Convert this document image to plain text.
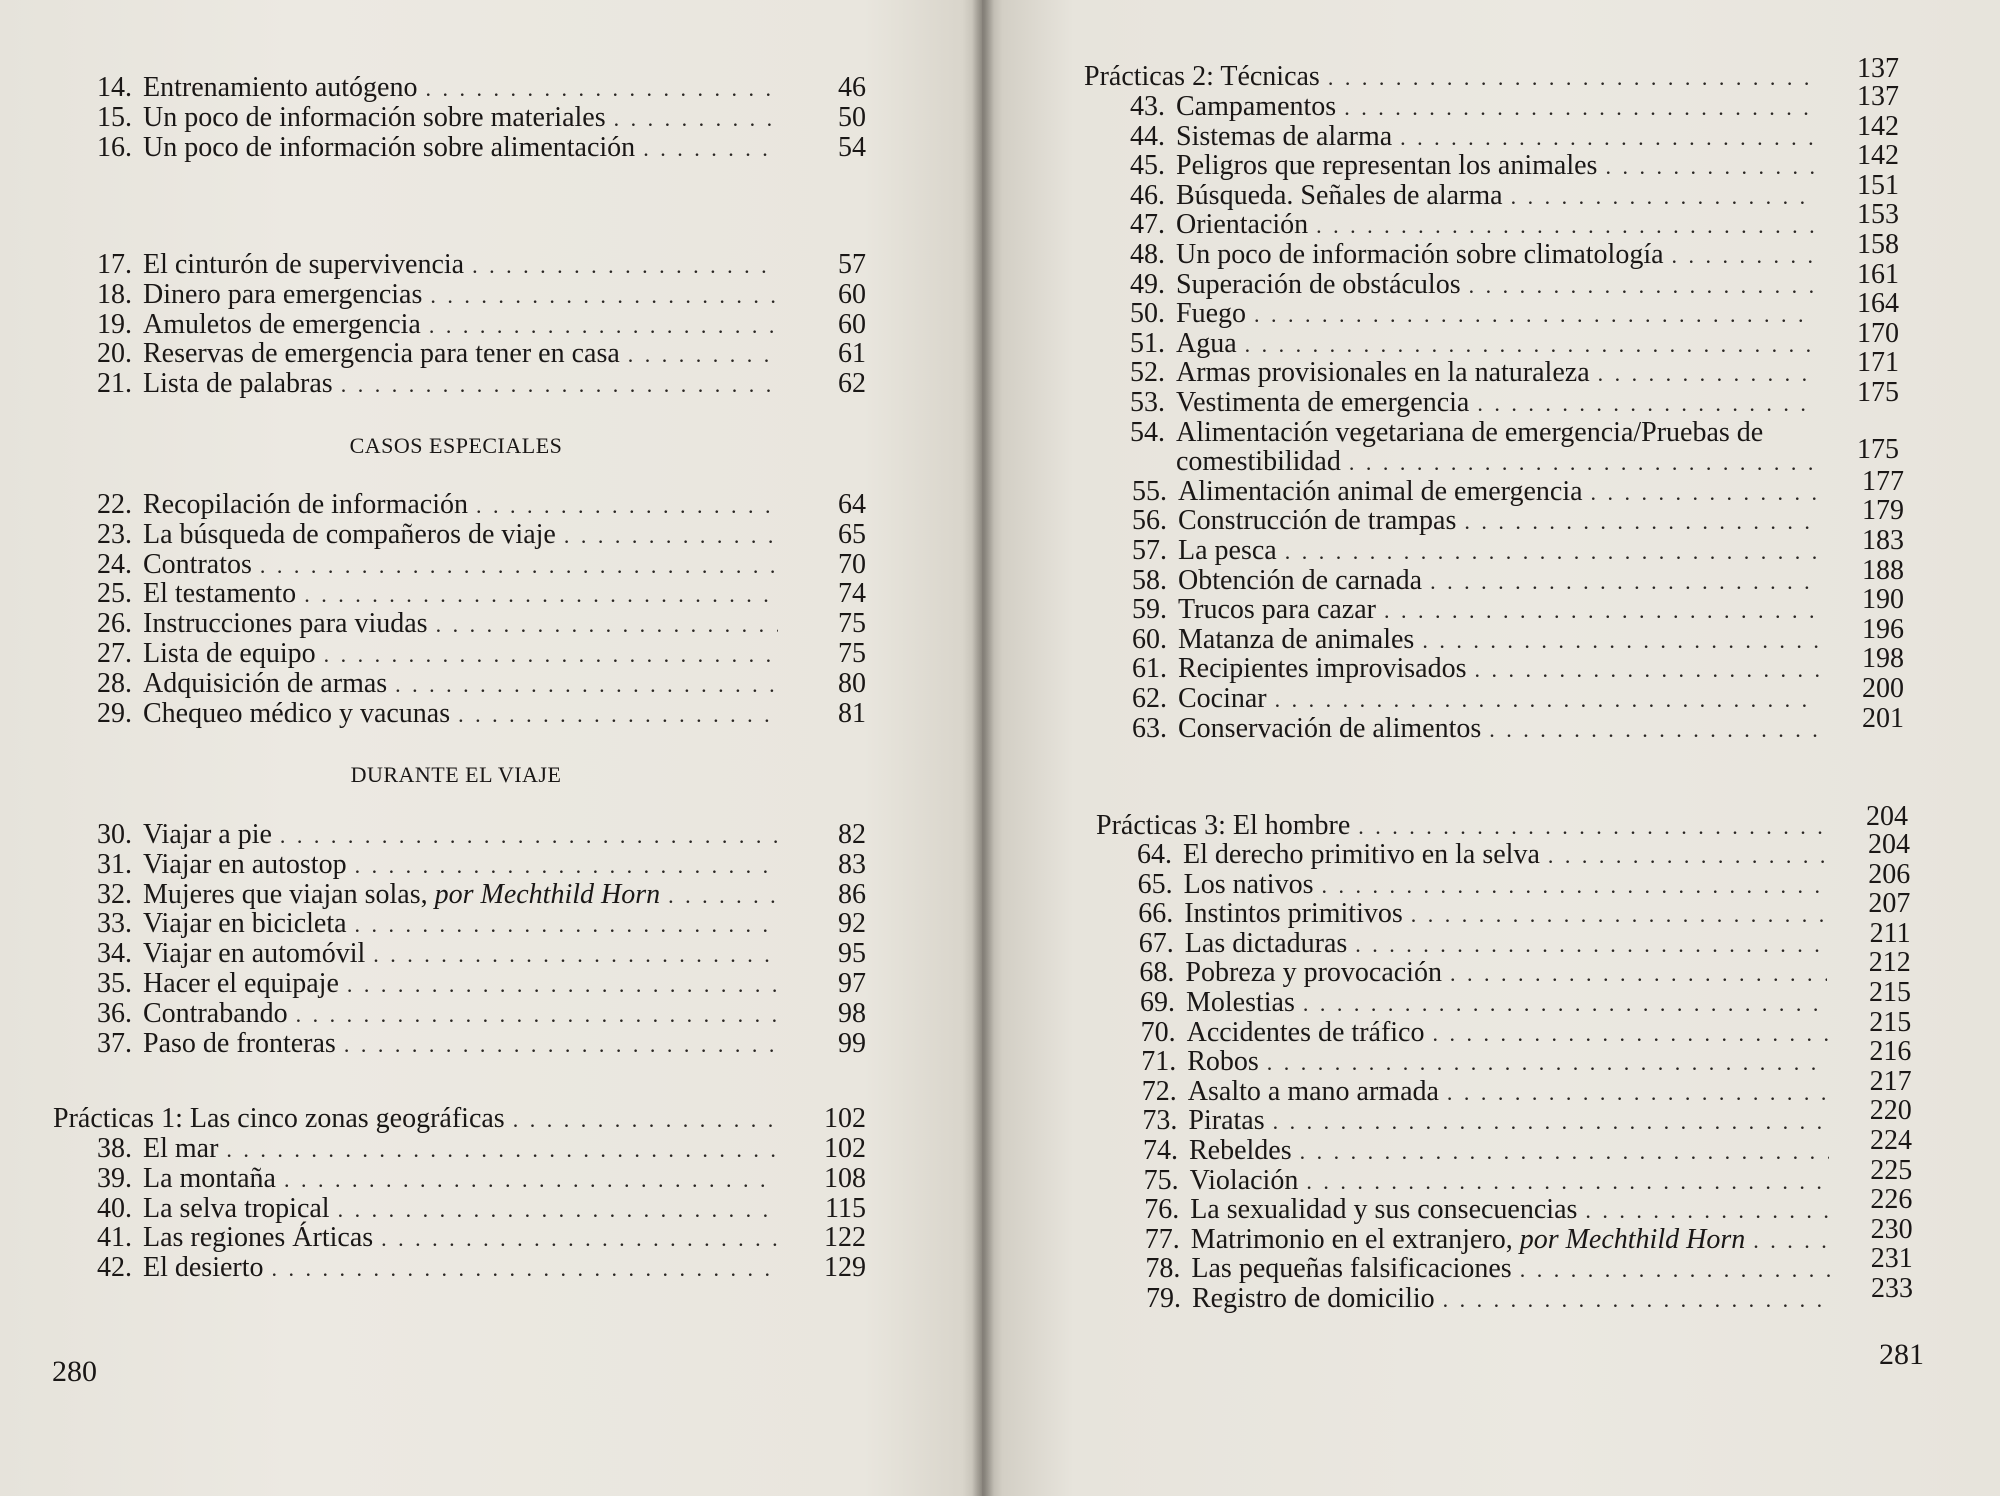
14. Entrenamiento autógeno . . .	46
15. Un poco de información sobre materiales . . .	50
16. Un poco de información sobre alimentación . . .	54
17. El cinturón de supervivencia . . .	57
18. Dinero para emergencias . . .	60
19. Amuletos de emergencia . . .	60
20. Reservas de emergencia para tener en casa . . .	61
21. Lista de palabras . . .	62
22. Recopilación de información . . .	64
23. La búsqueda de compañeros de viaje . . .	65
24. Contratos . . .	70
25. El testamento . . .	74
26. Instrucciones para viudas . . .	75
27. Lista de equipo . . .	75
28. Adquisición de armas . . .	80
29. Chequeo médico y vacunas . . .	81
30. Viajar a pie . . .	82
31. Viajar en autostop . . .	83
32. Mujeres que viajan solas, por Mechthild Horn . . .	86
33. Viajar en bicicleta . . .	92
34. Viajar en automóvil . . .	95
35. Hacer el equipaje . . .	97
36. Contrabando . . .	98
37. Paso de fronteras . . .	99
Prácticas 1: Las cinco zonas geográficas . . .	102
38. El mar . . .	102
39. La montaña . . .	108
40. La selva tropical . . .	115
41. Las regiones Árticas . . .	122
42. El desierto . . .	129
CASOS ESPECIALES
DURANTE EL VIAJE
280
Prácticas 2: Técnicas . . .	137
43. Campamentos . . .	137
44. Sistemas de alarma . . .	142
45. Peligros que representan los animales . . .	142
46. Búsqueda. Señales de alarma . . .	151
47. Orientación . . .	153
48. Un poco de información sobre climatología . . .	158
49. Superación de obstáculos . . .	161
50. Fuego . . .	164
51. Agua . . .	170
52. Armas provisionales en la naturaleza . . .	171
53. Vestimenta de emergencia . . .	175
54. Alimentación vegetariana de emergencia/Pruebas de
comestibilidad . . .	175
55. Alimentación animal de emergencia . . .	177
56. Construcción de trampas . . .	179
57. La pesca . . .	183
58. Obtención de carnada . . .	188
59. Trucos para cazar . . .	190
60. Matanza de animales . . .	196
61. Recipientes improvisados . . .	198
62. Cocinar . . .	200
63. Conservación de alimentos . . .	201
Prácticas 3: El hombre . . .	204
64. El derecho primitivo en la selva . . .	204
65. Los nativos . . .	206
66. Instintos primitivos . . .	207
67. Las dictaduras . . .	211
68. Pobreza y provocación . . .	212
69. Molestias . . .	215
70. Accidentes de tráfico . . .	215
71. Robos . . .	216
72. Asalto a mano armada . . .	217
73. Piratas . . .	220
74. Rebeldes . . .	224
75. Violación . . .	225
76. La sexualidad y sus consecuencias . . .	226
77. Matrimonio en el extranjero, por Mechthild Horn . . .	230
78. Las pequeñas falsificaciones . . .	231
79. Registro de domicilio . . .	233
281
